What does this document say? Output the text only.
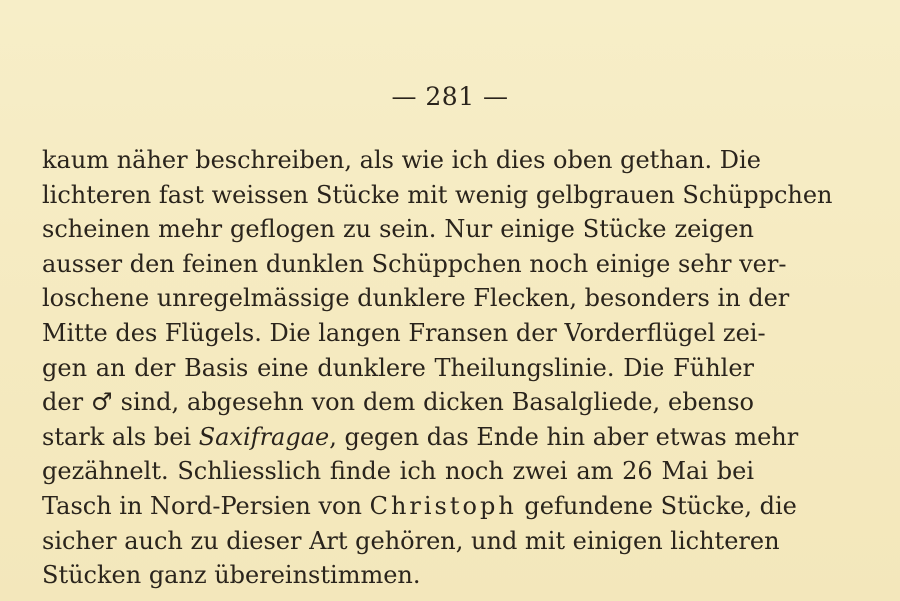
— 281 —
kaum näher beschreiben, als wie ich dies oben gethan. Die
lichteren fast weissen Stücke mit wenig gelbgrauen Schüppchen
scheinen mehr geflogen zu sein. Nur einige Stücke zeigen
ausser den feinen dunklen Schüppchen noch einige sehr ver-
loschene unregelmässige dunklere Flecken, besonders in der
Mitte des Flügels. Die langen Fransen der Vorderflügel zei-
gen an der Basis eine dunklere Theilungslinie. Die Fühler
der ♂ sind, abgesehn von dem dicken Basalgliede, ebenso
stark als bei Saxifragae, gegen das Ende hin aber etwas mehr
gezähnelt. Schliesslich finde ich noch zwei am 26 Mai bei
Tasch in Nord-Persien von Christoph gefundene Stücke, die
sicher auch zu dieser Art gehören, und mit einigen lichteren
Stücken ganz übereinstimmen.
